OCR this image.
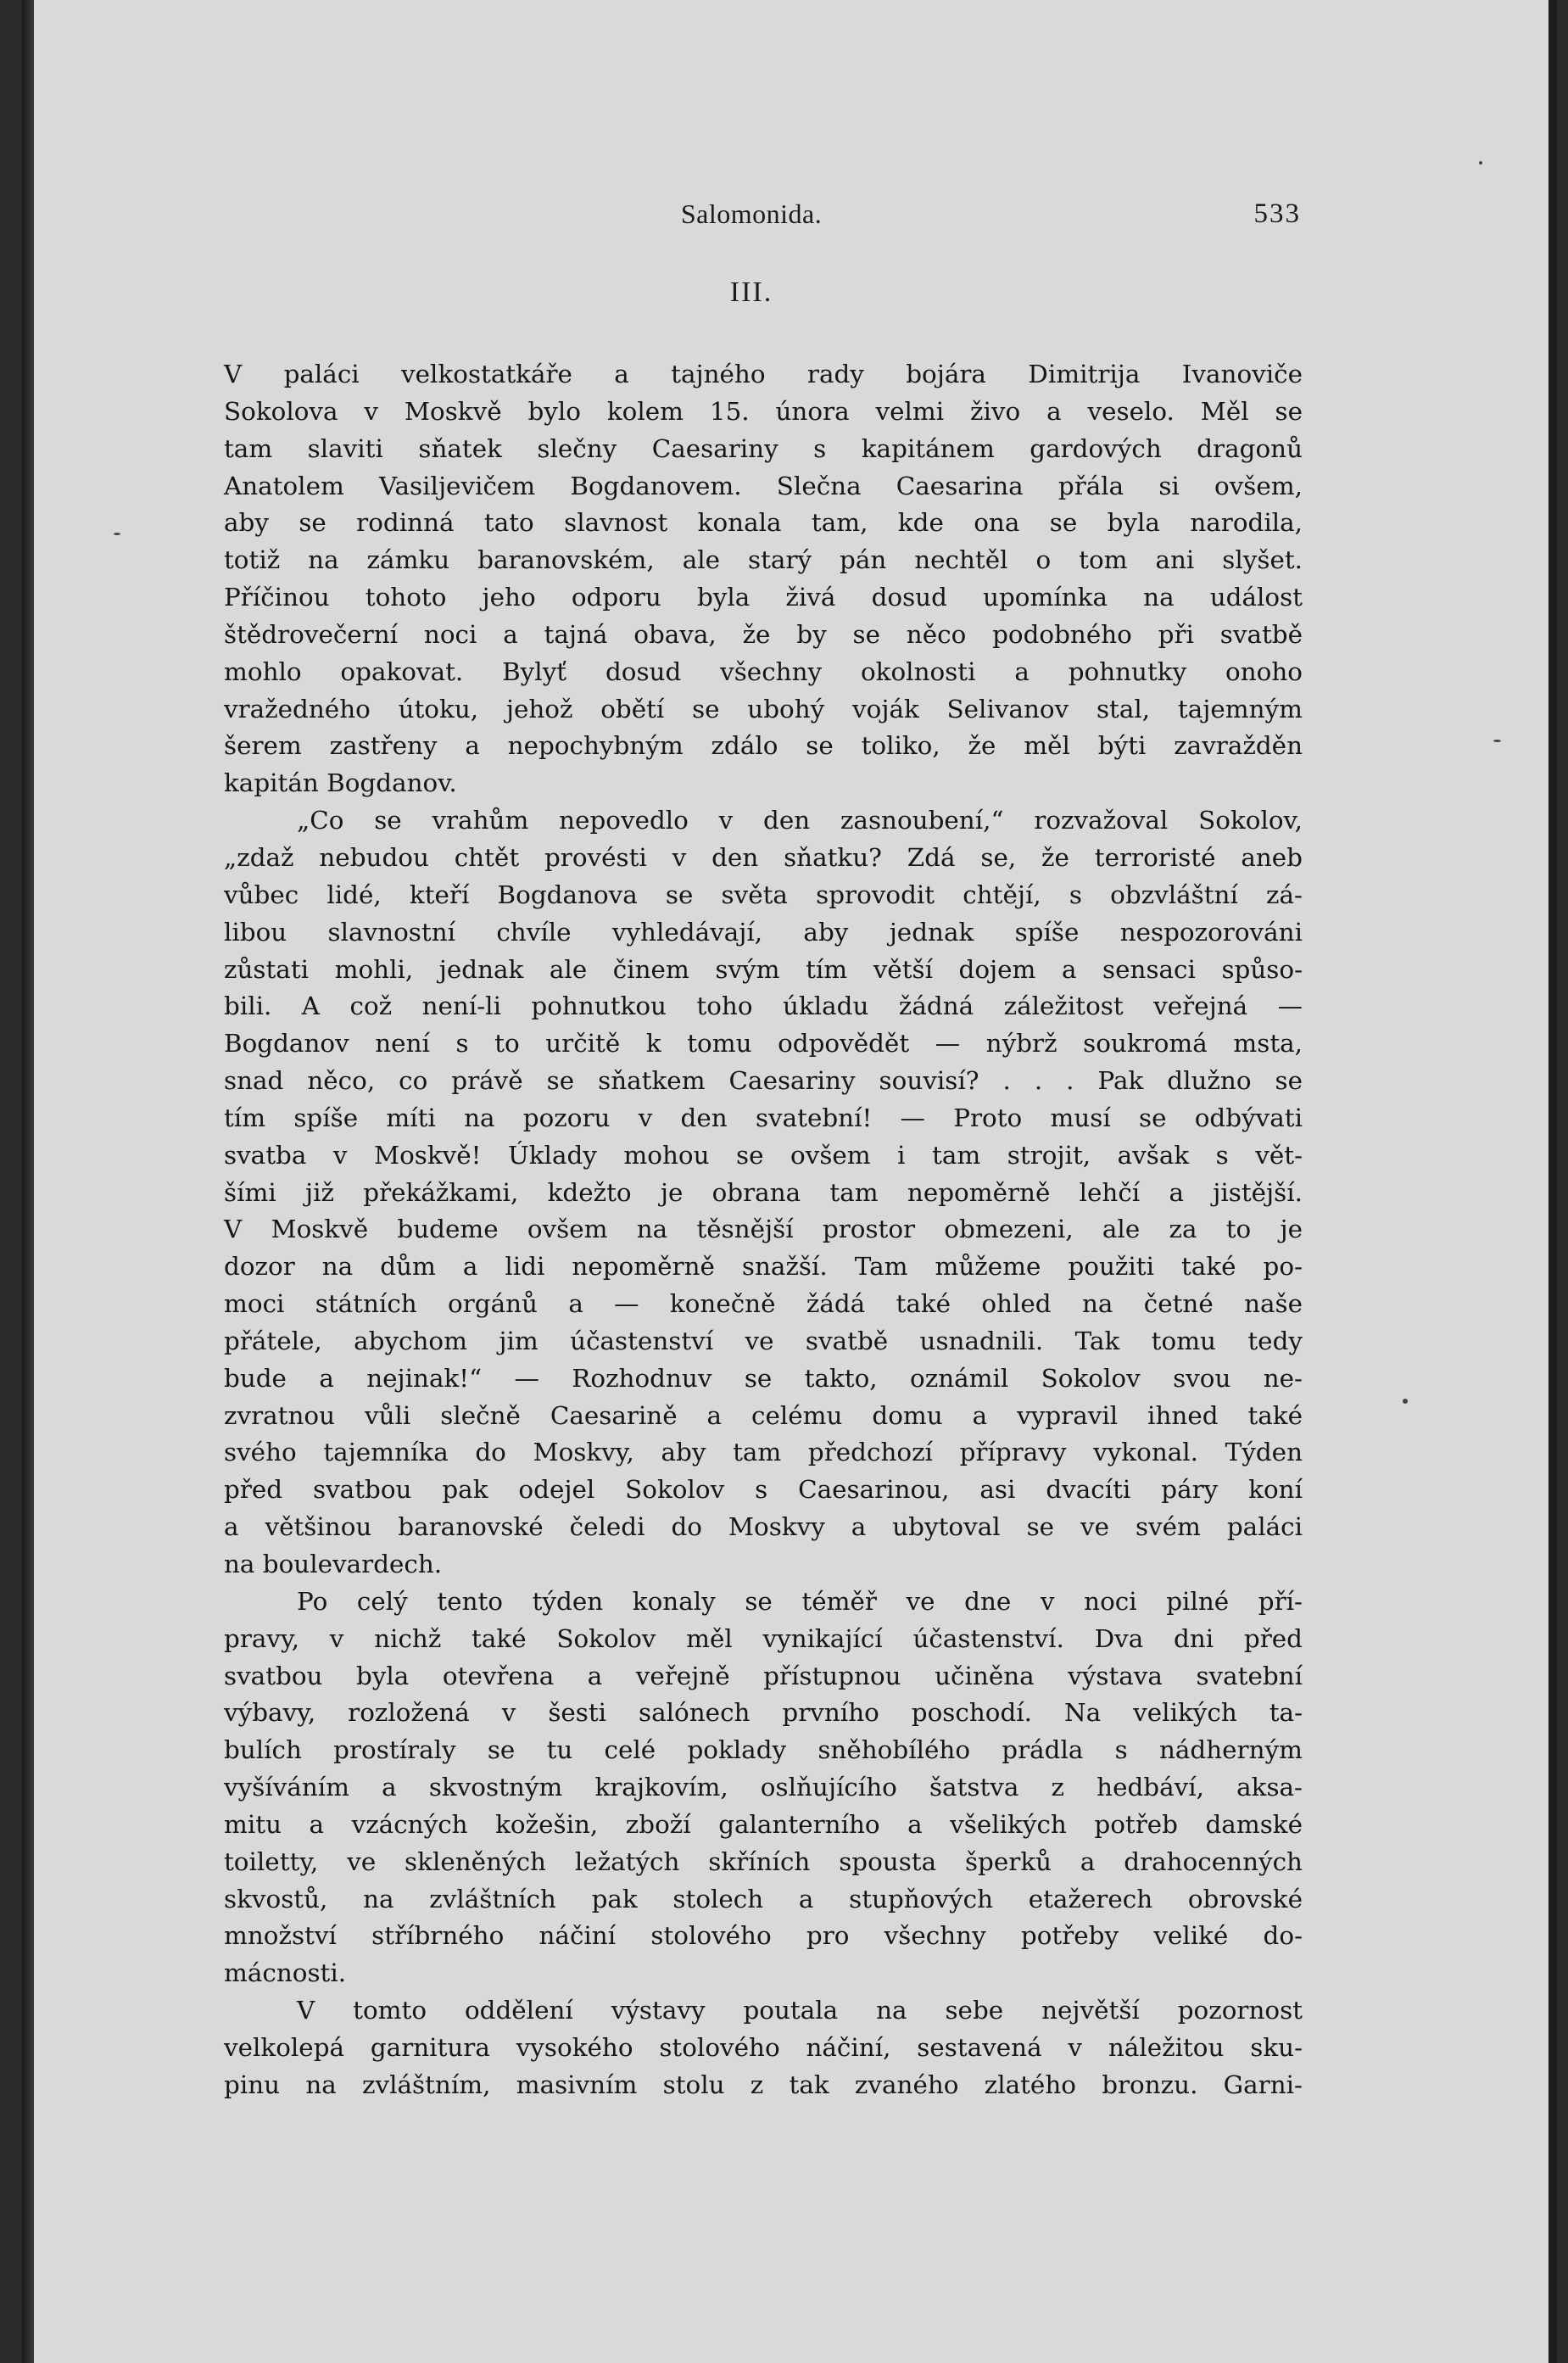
Salomonida.	533
III.
V paláci velkostatkáře a tajného rady bojára Dimitrija Ivanoviče
Sokolova v Moskvě bylo kolem 15. února velmi živo a veselo. Měl se
tam slaviti sňatek slečny Caesariny s kapitánem gardových dragonů
Anatolem Vasiljevičem Bogdanovem. Slečna Caesarina přála si ovšem,
aby se rodinná tato slavnost konala tam, kde ona se byla narodila,
totiž na zámku baranovském, ale starý pán nechtěl o tom ani slyšet.
Příčinou tohoto jeho odporu byla živá dosud upomínka na událost
štědrovečerní noci a tajná obava, že by se něco podobného při svatbě
mohlo opakovat. Bylyť dosud všechny okolnosti a pohnutky onoho
vražedného útoku, jehož obětí se ubohý voják Selivanov stal, tajemným
šerem zastřeny a nepochybným zdálo se toliko, že měl býti zavražděn
kapitán Bogdanov.
„Co se vrahům nepovedlo v den zasnoubení,“ rozvažoval Sokolov,
„zdaž nebudou chtět provésti v den sňatku? Zdá se, že terroristé aneb
vůbec lidé, kteří Bogdanova se světa sprovodit chtějí, s obzvláštní zá-
libou slavnostní chvíle vyhledávají, aby jednak spíše nespozorováni
zůstati mohli, jednak ale činem svým tím větší dojem a sensaci spůso-
bili. A což není-li pohnutkou toho úkladu žádná záležitost veřejná —
Bogdanov není s to určitě k tomu odpovědět — nýbrž soukromá msta,
snad něco, co právě se sňatkem Caesariny souvisí? . . . Pak dlužno se
tím spíše míti na pozoru v den svatební! — Proto musí se odbývati
svatba v Moskvě! Úklady mohou se ovšem i tam strojit, avšak s vět-
šími již překážkami, kdežto je obrana tam nepoměrně lehčí a jistější.
V Moskvě budeme ovšem na těsnější prostor obmezeni, ale za to je
dozor na dům a lidi nepoměrně snažší. Tam můžeme použiti také po-
moci státních orgánů a — konečně žádá také ohled na četné naše
přátele, abychom jim účastenství ve svatbě usnadnili. Tak tomu tedy
bude a nejinak!“ — Rozhodnuv se takto, oznámil Sokolov svou ne-
zvratnou vůli slečně Caesarině a celému domu a vypravil ihned také
svého tajemníka do Moskvy, aby tam předchozí přípravy vykonal. Týden
před svatbou pak odejel Sokolov s Caesarinou, asi dvacíti páry koní
a většinou baranovské čeledi do Moskvy a ubytoval se ve svém paláci
na boulevardech.
Po celý tento týden konaly se téměř ve dne v noci pilné pří-
pravy, v nichž také Sokolov měl vynikající účastenství. Dva dni před
svatbou byla otevřena a veřejně přístupnou učiněna výstava svatební
výbavy, rozložená v šesti salónech prvního poschodí. Na velikých ta-
bulích prostíraly se tu celé poklady sněhobílého prádla s nádherným
vyšíváním a skvostným krajkovím, oslňujícího šatstva z hedbáví, aksa-
mitu a vzácných kožešin, zboží galanterního a všelikých potřeb damské
toiletty, ve skleněných ležatých skříních spousta šperků a drahocenných
skvostů, na zvláštních pak stolech a stupňových etažerech obrovské
množství stříbrného náčiní stolového pro všechny potřeby veliké do-
mácnosti.
V tomto oddělení výstavy poutala na sebe největší pozornost
velkolepá garnitura vysokého stolového náčiní, sestavená v náležitou sku-
pinu na zvláštním, masivním stolu z tak zvaného zlatého bronzu. Garni-
